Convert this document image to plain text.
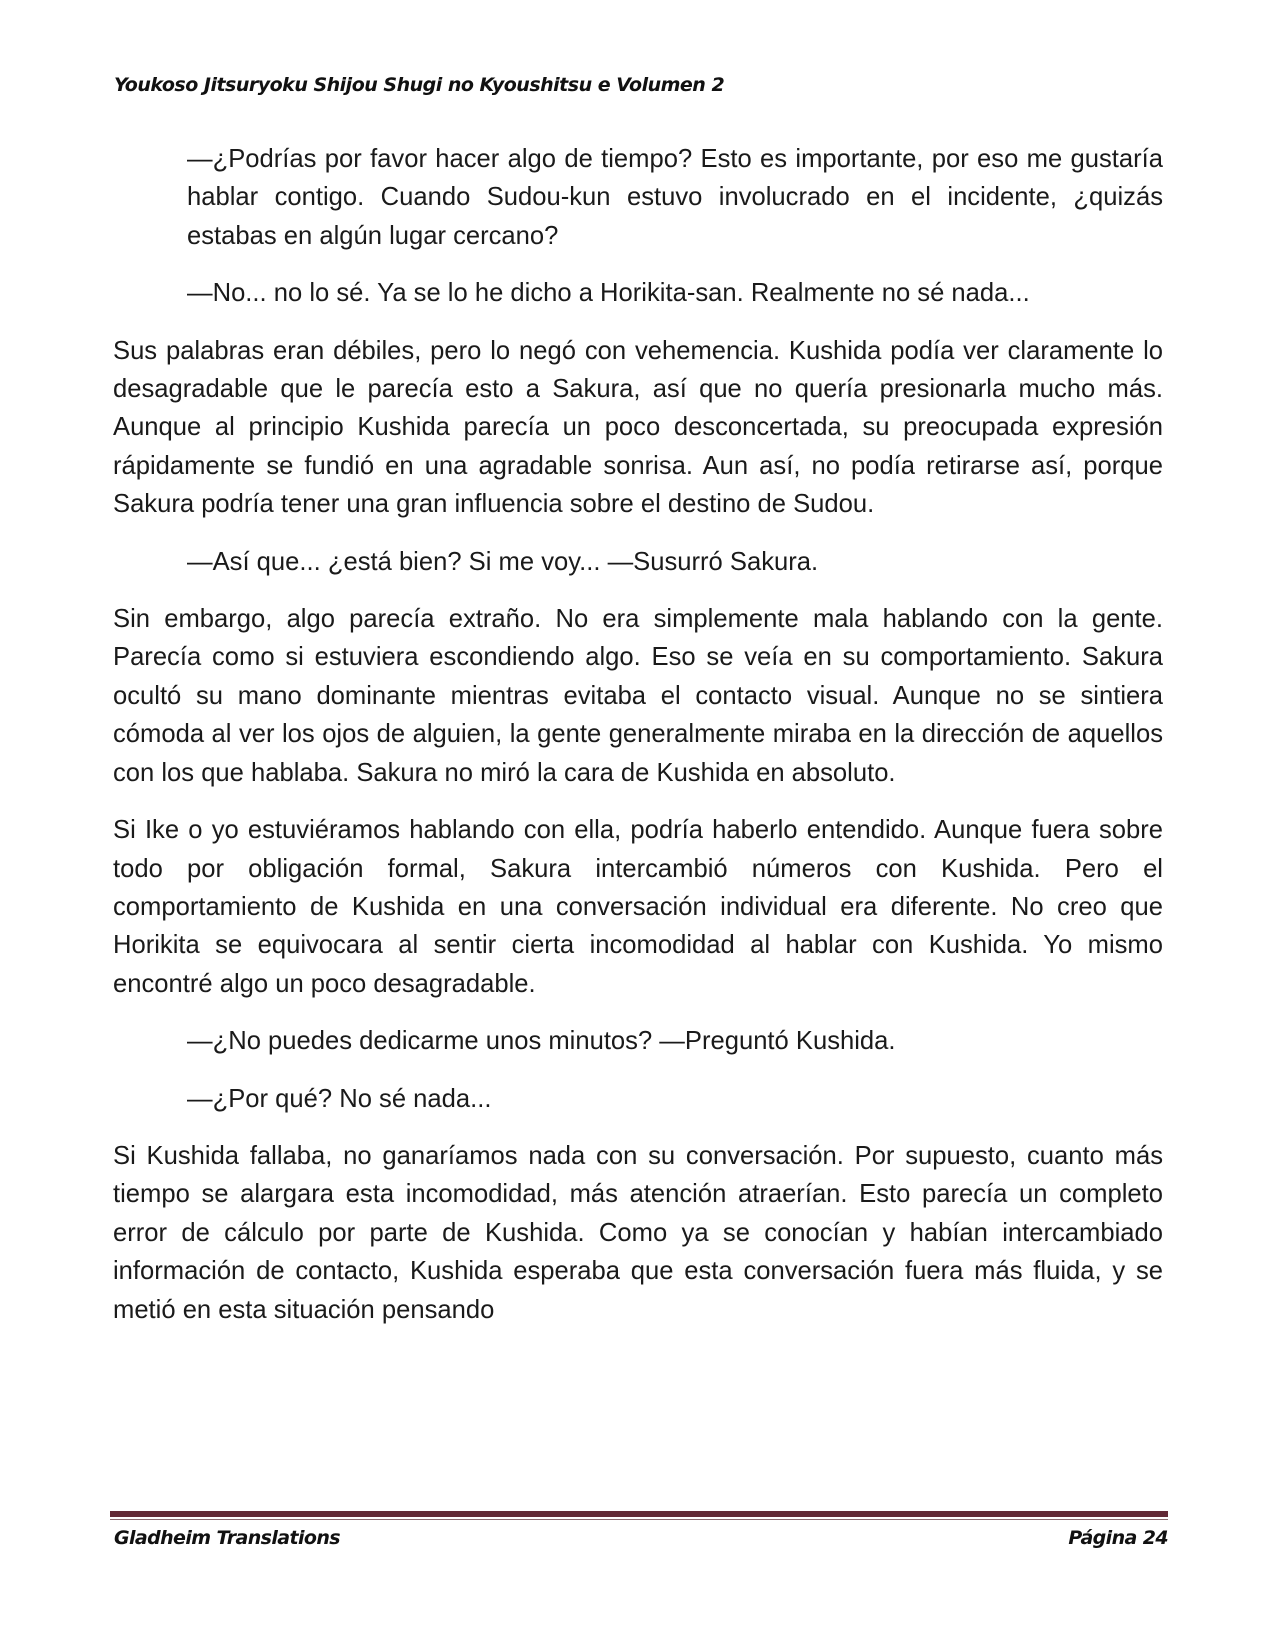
Youkoso Jitsuryoku Shijou Shugi no Kyoushitsu e Volumen 2

—¿Podrías por favor hacer algo de tiempo? Esto es importante, por eso me gustaría hablar contigo. Cuando Sudou-kun estuvo involucrado en el incidente, ¿quizás estabas en algún lugar cercano?

—No... no lo sé. Ya se lo he dicho a Horikita-san. Realmente no sé nada...

Sus palabras eran débiles, pero lo negó con vehemencia. Kushida podía ver claramente lo desagradable que le parecía esto a Sakura, así que no quería presionarla mucho más. Aunque al principio Kushida parecía un poco desconcertada, su preocupada expresión rápidamente se fundió en una agradable sonrisa. Aun así, no podía retirarse así, porque Sakura podría tener una gran influencia sobre el destino de Sudou.

—Así que... ¿está bien? Si me voy... —Susurró Sakura.

Sin embargo, algo parecía extraño. No era simplemente mala hablando con la gente. Parecía como si estuviera escondiendo algo. Eso se veía en su comportamiento. Sakura ocultó su mano dominante mientras evitaba el contacto visual. Aunque no se sintiera cómoda al ver los ojos de alguien, la gente generalmente miraba en la dirección de aquellos con los que hablaba. Sakura no miró la cara de Kushida en absoluto.

Si Ike o yo estuviéramos hablando con ella, podría haberlo entendido. Aunque fuera sobre todo por obligación formal, Sakura intercambió números con Kushida. Pero el comportamiento de Kushida en una conversación individual era diferente. No creo que Horikita se equivocara al sentir cierta incomodidad al hablar con Kushida. Yo mismo encontré algo un poco desagradable.

—¿No puedes dedicarme unos minutos? —Preguntó Kushida.

—¿Por qué? No sé nada...

Si Kushida fallaba, no ganaríamos nada con su conversación. Por supuesto, cuanto más tiempo se alargara esta incomodidad, más atención atraerían. Esto parecía un completo error de cálculo por parte de Kushida. Como ya se conocían y habían intercambiado información de contacto, Kushida esperaba que esta conversación fuera más fluida, y se metió en esta situación pensando

Gladheim Translations	Página 24
